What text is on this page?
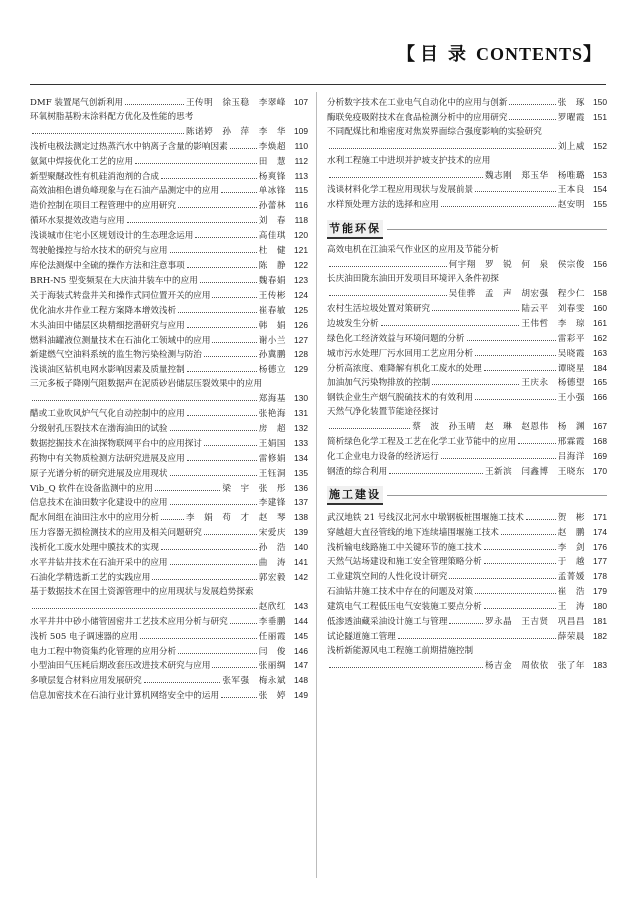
【 目录CONTENTS】
DMF 装置尾气创新利用	王传明　徐玉稳　李翠峰 107
环氧树脂基粉末涂料配方优化及性能的思考
陈诺婷　孙　萍　李　华 109
浅析电极法测定过热蒸汽水中钠离子含量的影响因素	李焕超	110
氨氮中焊接优化工艺的应用	田　慧	112
新型聚醚改性有机硅消泡剂的合成	杨爽锋	113
高效油相色谱负峰现象与在石油产品测定中的应用	单冰锋	115
造价控制在项目工程管理中的应用研究	孙蕾林	116
循环水泵提效改造与应用	刘　春	118
浅谈城市住宅小区规划设计的生态理念运用	高佳琪 120
驾驶舱操控与给水技术的研究与应用	杜　健 121
库伦法测煤中全硫的操作方法和注意事项	陈　静 122
BRH-N5 型变频泵在大庆油井装车中的应用	魏春娟 123
关于海装式转盘井关和操作式同位置开关的应用	王传彬 124
优化油水井作业工程方案降本增效浅析	崔春敏 125
木头油田中储层区块精细挖潜研究与应用	韩　娟 126
燃料油罐液位测量技术在石油化工领域中的应用	谢小兰 127
新建燃气空油料系统的监生物污染检测与防治	孙冀鹏 128
浅谈油区钻机电网水影响因素及质量控制	杨德立 129
三元多板子降刚气阻数据声在泥质砂岩储层压裂效果中的应用
郑海基 130
醋或工业吹风炉气气化自动控制中的应用	张艳海 131
分级射孔压裂技术在渤海油田的试验	房　超 132
数据挖掘技术在油探物联网平台中的应用探讨	王娟国 133
药物中有关物质检测方法研究进展及应用	雷修娟 134
原子光谱分析的研究进展及应用现状	王钰洞 135
Vib_Q 软件在设备监测中的应用	梁　宇　张　彤 136
信息技术在油田数字化建设中的应用	李建锋 137
配水间组在油田注水中的应用分析	李　娟　苟　才　赵　琴 138
压力容器无损检测技术的应用及相关问题研究	宋爱庆 139
浅析化工废水处理中膜技术的实现	孙　浩 140
水平井钻井技术在石油开采中的应用	曲　涛 141
石油化学精选新工艺的实践应用	郭宏毅 142
基于数据技术在国土资源管理中的应用现状与发展趋势探索
赵欣红 143
水平井井中砂小储管固密井工艺技术应用分析与研究	李垂鹏 144
浅析 505 电子调速器的应用	任丽霞 145
电力工程中物资集约化管理的应用分析	闫　俊 146
小型油田气压耗后期改套压改进技术研究与应用	张丽绸 147
多喷层复合材料应用发展研究	张军强　梅永斌 148
信息加密技术在石油行业计算机网络安全中的运用	张　婷 149
分析数字技术在工业电气自动化中的应用与创新	张　琢 150
酶联免疫吸附技术在食品检测分析中的应用研究	罗曜霞 151
不同配煤比和堆密度对焦炭界面综合强度影响的实验研究
刘上威 152
水利工程施工中进坝并护坡支护技术的应用
魏志刚　郑玉华　杨唯璐 153
浅谈材料化学工程应用现状与发展前景	王本良 154
水样预处理方法的选择和应用	赵安明 155
节能环保
高效电机在江油采气作业区的应用及节能分析
何宇翔　罗　锐　何　泉　侯宗俊 156
长庆油田陇东油田开发项目环境评入条件初探
吴佳骅　孟　声　胡宏强　程少仁 158
农村生活垃圾处置对策研究	陆云平　刘春雯 160
边坡发生分析	王伟哲　李　琼 161
绿色化工经济效益与环境问题的分析	雷彩平 162
城市污水处理厂污水回用工艺应用分析	吴晓霞 163
分析高浓度、难降解有机化工废水的处理	谭晓星 184
加油加气污染物排放的控制	王庆永　杨德望 165
钢铁企业生产烟气脱硫技术的有效利用	王小强 166
天然气净化装置节能途径探讨
蔡　波　孙玉晴　赵　琳　赵恩伟　杨　渊 167
简析绿色化学工程及工艺在化学工业节能中的应用	邢霖霞 168
化工企业电力设备的经济运行	吕海洋 169
钢渣的综合利用	王新滨　闫鑫博　王晓东 170
施工建设
武汉地铁 21 号线汉北河水中墩钢板桩围堰施工技术	贺　彬 171
穿越超大直径管线的地下连续墙围堰施工技术	赵　鹏 174
浅析输电线路施工中关键环节的施工技术	李　剑 176
天然气站场建设和施工安全管理策略分析	于　越 177
工业建筑空间的人性化设计研究	孟菁媛 178
石油钻井施工技术中存在的问题及对策	崔　浩 179
建筑电气工程低压电气安装施工要点分析	王　涛 180
低渗透油藏采油设计施工与管理	罗永晶　王吉贤　巩昌昌 181
试论隧道施工管理	薛荣晨 182
浅析新能源风电工程施工前期措施控制
杨吉金　周依依　张了年 183
